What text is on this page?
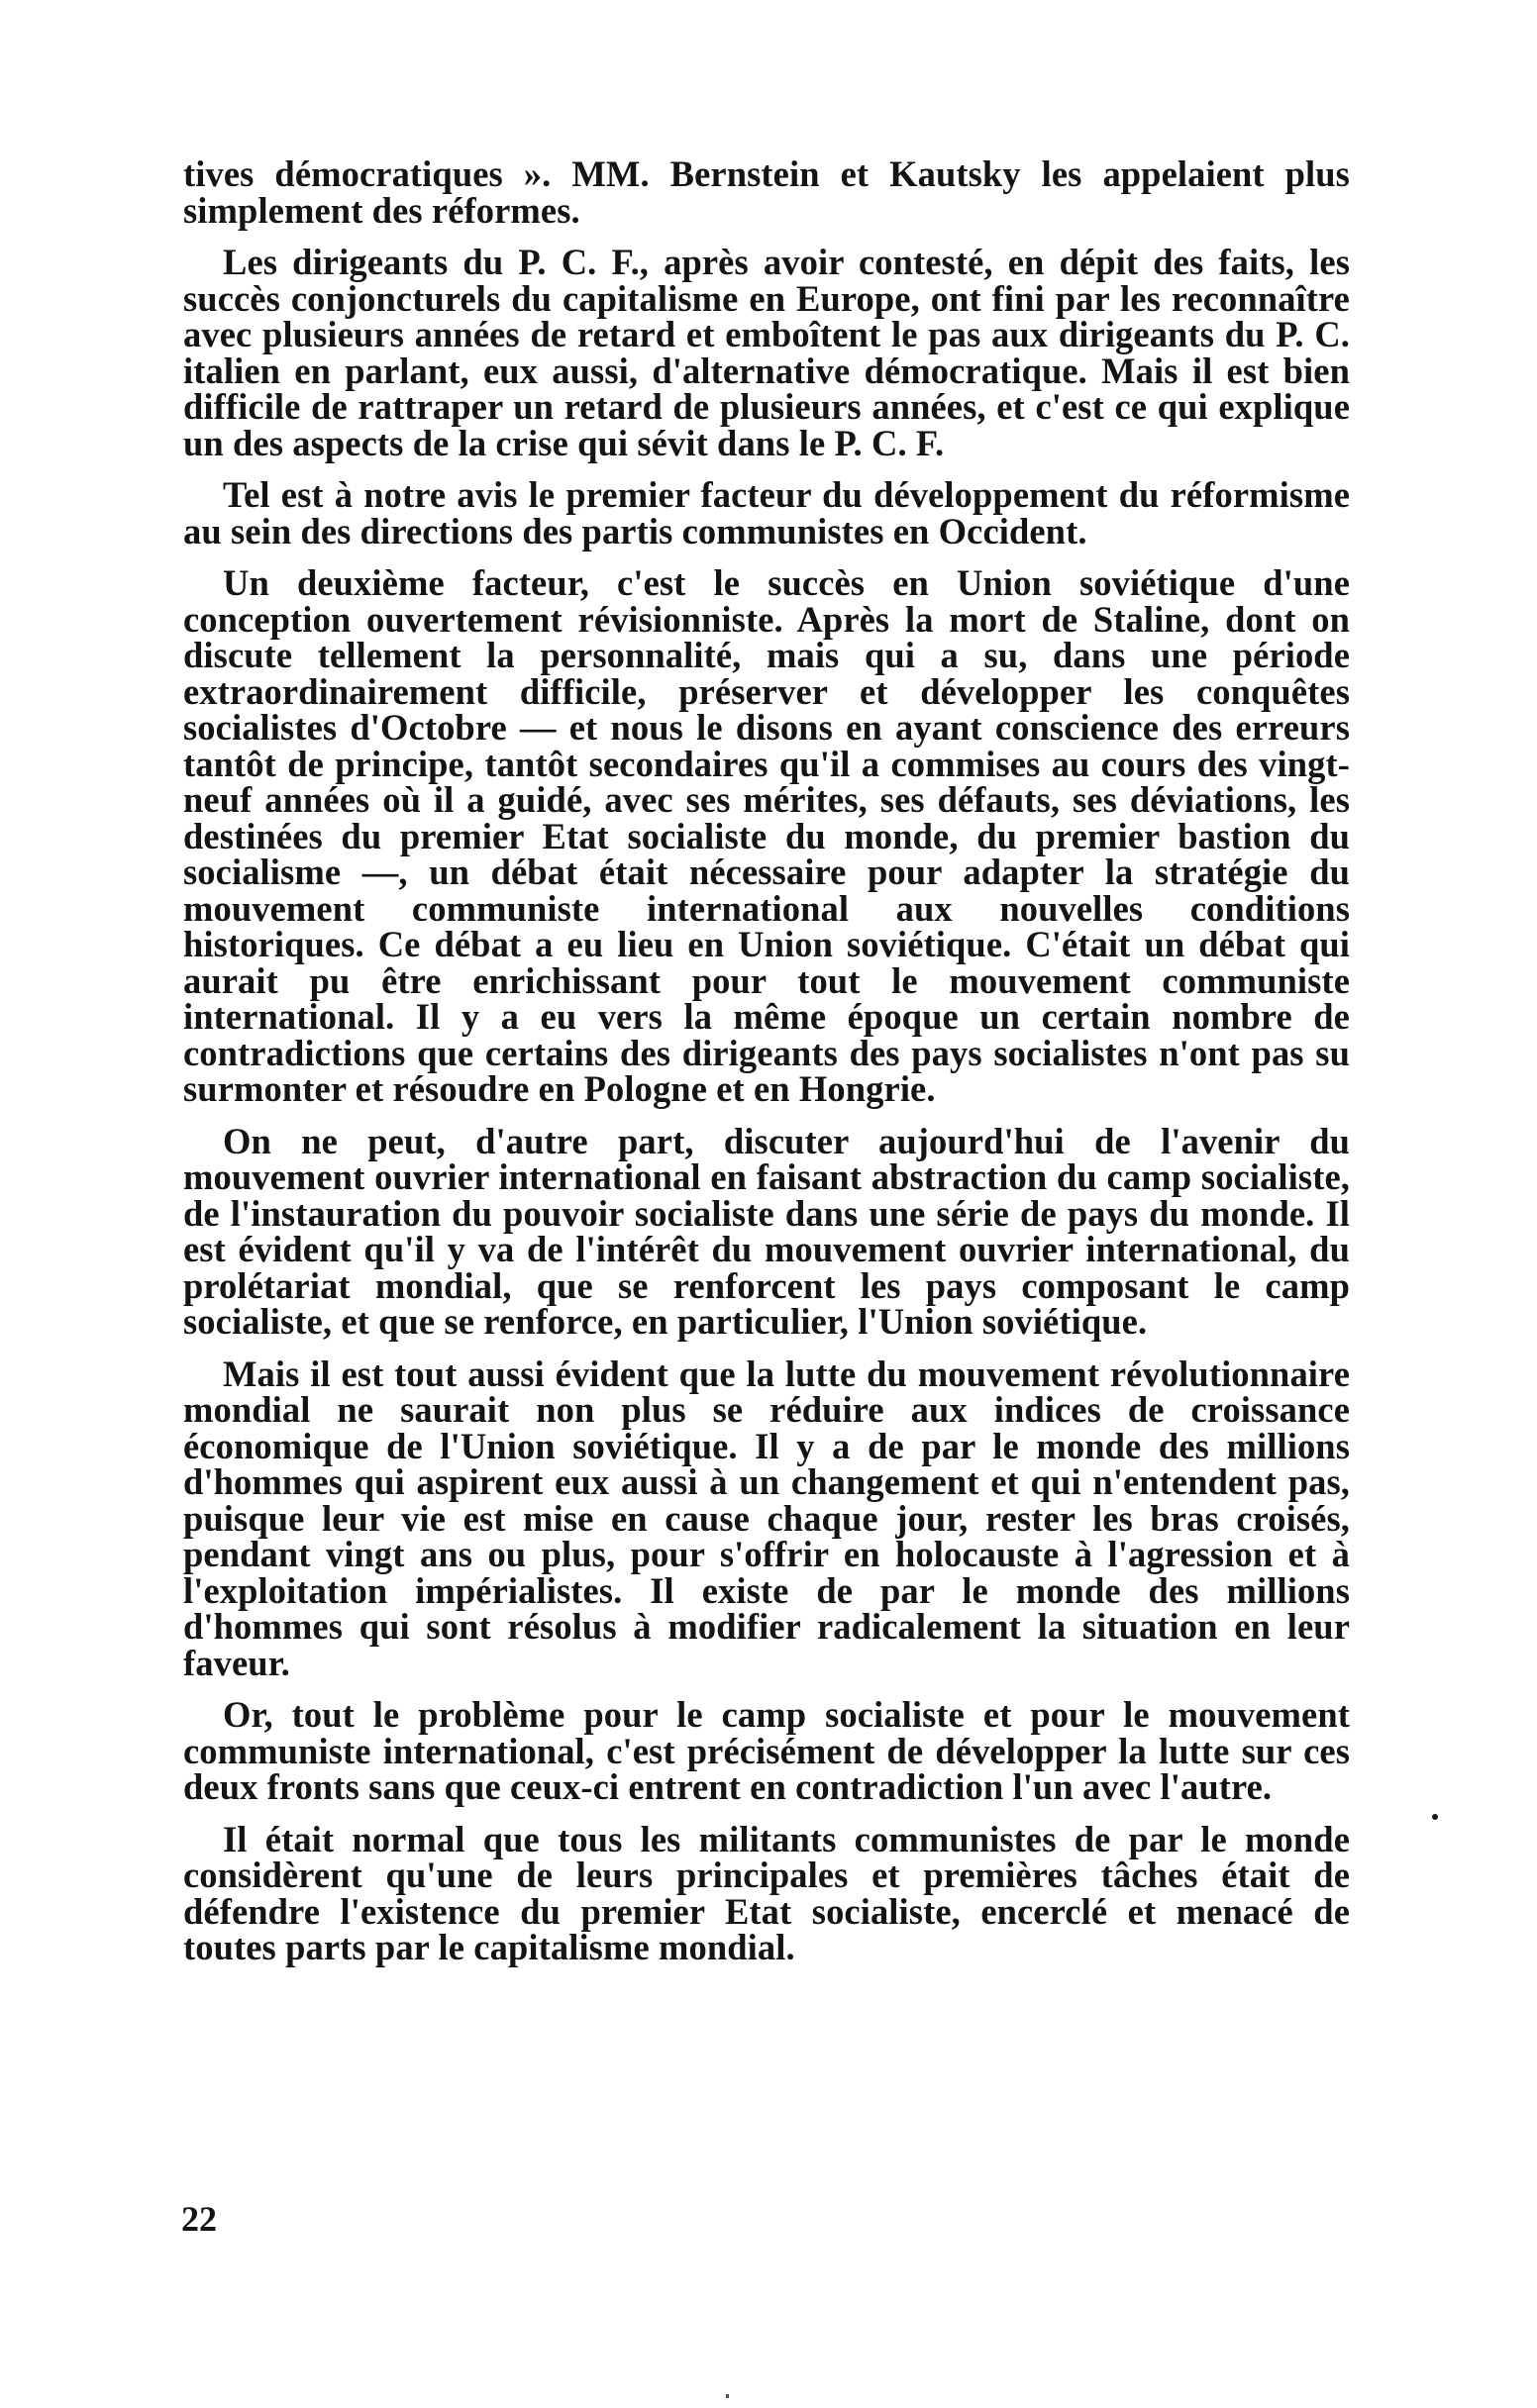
tives démocratiques ». MM. Bernstein et Kautsky les appelaient plus simplement des réformes.

Les dirigeants du P. C. F., après avoir contesté, en dépit des faits, les succès conjoncturels du capitalisme en Europe, ont fini par les reconnaître avec plusieurs années de retard et emboîtent le pas aux dirigeants du P. C. italien en parlant, eux aussi, d'alternative démocratique. Mais il est bien difficile de rattraper un retard de plusieurs années, et c'est ce qui explique un des aspects de la crise qui sévit dans le P. C. F.

Tel est à notre avis le premier facteur du développement du réformisme au sein des directions des partis communistes en Occident.

Un deuxième facteur, c'est le succès en Union soviétique d'une conception ouvertement révisionniste. Après la mort de Staline, dont on discute tellement la personnalité, mais qui a su, dans une période extraordinairement difficile, préserver et développer les conquêtes socialistes d'Octobre — et nous le disons en ayant conscience des erreurs tantôt de principe, tantôt secondaires qu'il a commises au cours des vingt-neuf années où il a guidé, avec ses mérites, ses défauts, ses déviations, les destinées du premier Etat socialiste du monde, du premier bastion du socialisme —, un débat était nécessaire pour adapter la stratégie du mouvement communiste international aux nouvelles conditions historiques. Ce débat a eu lieu en Union soviétique. C'était un débat qui aurait pu être enrichissant pour tout le mouvement communiste international. Il y a eu vers la même époque un certain nombre de contradictions que certains des dirigeants des pays socialistes n'ont pas su surmonter et résoudre en Pologne et en Hongrie.

On ne peut, d'autre part, discuter aujourd'hui de l'avenir du mouvement ouvrier international en faisant abstraction du camp socialiste, de l'instauration du pouvoir socialiste dans une série de pays du monde. Il est évident qu'il y va de l'intérêt du mouvement ouvrier international, du prolétariat mondial, que se renforcent les pays composant le camp socialiste, et que se renforce, en particulier, l'Union soviétique.

Mais il est tout aussi évident que la lutte du mouvement révolutionnaire mondial ne saurait non plus se réduire aux indices de croissance économique de l'Union soviétique. Il y a de par le monde des millions d'hommes qui aspirent eux aussi à un changement et qui n'entendent pas, puisque leur vie est mise en cause chaque jour, rester les bras croisés, pendant vingt ans ou plus, pour s'offrir en holocauste à l'agression et à l'exploitation impérialistes. Il existe de par le monde des millions d'hommes qui sont résolus à modifier radicalement la situation en leur faveur.

Or, tout le problème pour le camp socialiste et pour le mouvement communiste international, c'est précisément de développer la lutte sur ces deux fronts sans que ceux-ci entrent en contradiction l'un avec l'autre.

Il était normal que tous les militants communistes de par le monde considèrent qu'une de leurs principales et premières tâches était de défendre l'existence du premier Etat socialiste, encerclé et menacé de toutes parts par le capitalisme mondial.

22
